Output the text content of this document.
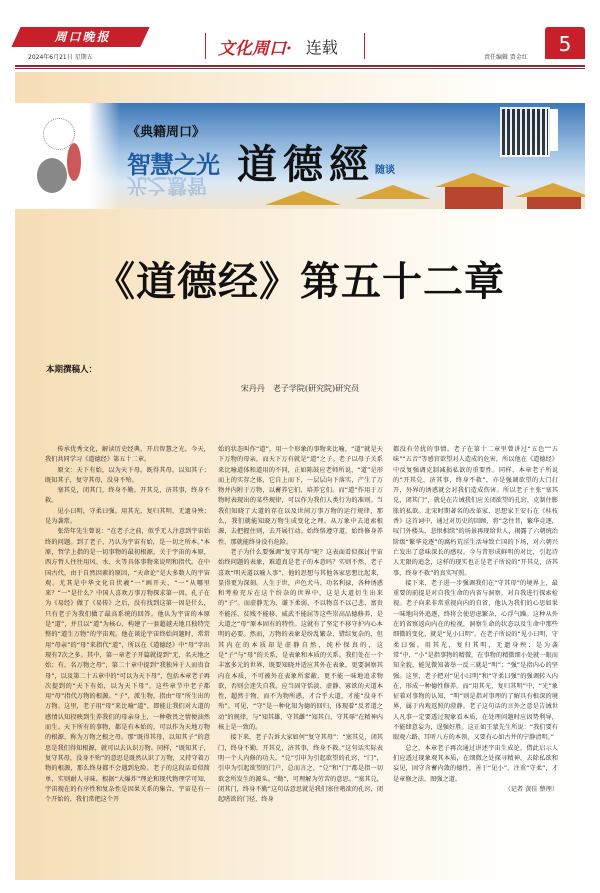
周口晚报
2024年6月21日 星期五	文化周口· 连载
责任编辑 贾金红
5
《典籍周口》
智慧之光
光之慧智 道德經 随谈
《道德经》第五十二章
本期撰稿人：
宋丹丹　老子学院(研究院)研究员

传承优秀文化，解读历史经典，开启智慧之光。今天，我们共同学习《道德经》第五十二章。

原文：天下有始，以为天下母。既得其母，以知其子；既知其子，复守其母，没身不殆。

塞其兑，闭其门，终身不勤。开其兑，济其事，终身不救。

见小曰明，守柔曰强。用其光，复归其明，无遗身殃；是为袭常。

张岱年先生曾说：“在老子之前，似乎无人注意到宇宙始终的问题。到了老子，乃认为宇宙有始，是一切之所本。”本原，哲学上指的是一切事物的最初根源，关于宇宙的本原，西方哲人往往用风、水、火等具体事物来说明和指代。在中国古代，由于自然因素的原因，“天命论”是大多数人的宇宙观。尤其是中华文化自伏羲“一”画开天，“一”从哪里来？“一”是什么？中国人喜欢万事万物探求第一因。孔子在为《易经》做了《易传》之后，没有找到这第一因是什么，只有老子为我们做了最高系统的回答。他认为宇宙的本原是“道”，并且以“道”为核心，构建了一套超越天地且独特完整的“道生万物”的宇宙观。他在谈论宇宙终始问题时，常常用“母亲”的“母”来指代“道”，所以在《道德经》中“母”字出现有7次之多。其中，第一章老子开篇就提到“无，名天地之始；有，名万物之母”，第二十章中提到“我独异于人而贵食母”，以及第二十五章中的“可以为天下母”，包括本章老子再次提到的“天下有始，以为天下母”。这些章节中老子都用“母”指代万物的根源。“子”，派生物，指由“母”所生出的万物。这里，老子用“母”来比喻“道”，即能让我们对大道的感情认知投映到生养我们的母亲身上，一种敬畏之情便油然而生。天下所有的事物，都是有本始的，可以作为天地万物的根源，称为万物之根之母。那“既得其母，以知其子”的意思是我们得知根源，就可以去认识万物。同样，“既知其子，复守其母，没身不殆”的意思是既然认识了万物，又持守着万物的根源，那么终身都不会遇到危险。老子的这段话看似简单，实则耐人寻味。根据“大爆炸”理论和现代物理学可知，宇宙现在的有序性和复杂性是因果关系的集合，宇宙是有一个开始的，我们常把这个开

始的状态叫作“道”，用一个形象的事物来比喻，“道”就是天下万物的母亲，而天下万有就是“道”之子。老子以母子关系来比喻道体和道用的不同，正如陈鼓应老师所说，“道”是形而上的实存之体，它自上而下，一层层向下落实，产生了万物并内附于万物，以蓄养它们、培养它们。而“道”作用于万物时表现出的某些规律，可以作为我们人类行为的准则。当我们知晓了大道的存在以及世间万事万物的运行规律，那么，我们就能知晓万物生成变化之理。从万象中去追索根源，去把握住则，去开展行动。始终恪遵守道，始终修身养性，那就能终身没有危险。

老子为什么要强调“复守其母”呢？这表面看似探讨宇宙始终问题的表象，难道真是老子的本意吗？实则不然，老子喜欢“明天道以喻人事”，他的思想与其他各家思想比起来，显得更为深刻。人生于世，声色犬马、功名利禄，各种诱惑和考验充斥在这个纷杂的世界中，这是大道衍生出来的“子”。而虚静无为、谦下柔弱、不以物喜不以己悲、富贵不能淫、贫贱不能移、威武不能屈等这些崇高品德修养，是大道之“母”原本固有的特性。这就有了坚定不移守护内心本明的必要。然而，万物的表象是纷乱繁杂、错综复杂的，但其内在的本质却是虚静自然、纯朴保真的，这是“子”与“母”的关系，是表象和本质的关系。我们处在一个丰富多元的世界，既要知晓并适应其外在表象，更要洞察其内在本质，不可被外在表象所蒙蔽，更不能一味地追求物欲，否则会迷失自我。应当固守恬淡、虚静、寡欲的天道本性，超然于物，而不为物所惑，才合乎大道，才能“没身不殆”。可见，“守”是一种化知为德的回归，体现着“反者道之动”的规律，与“知其雄，守其雌”“知其白，守其辱”在精神内核上是一致的。

接下来，老子告诉大家如何“复守其母”：“塞其兑，闭其门，终身不勤。开其兑，济其事，终身不救。”这句话实际表明一个人内修的功夫。“兑”引申为引起欲望的孔窍，“门”，引申为引起欲望的门户，总而言之，“兑”和“门”都是指一切欲念所发生的源头。“勤”，可理解为劳苦的意思。“塞其兑，闭其门，终身不勤”这句话意思就是我们塞住嗜欲的孔窍，闭起嗜欲的门径，终身

都没有劳扰的事情。老子在第十二章里曾讲过“五色”“五味”“五音”等感官欲望对人造成的危害，所以他在《道德经》中反复强调克制减损私欲的重要性。同样，本章老子所说的“开其兑，济其事，终身不救”，亦是强调欲望的大门打开，外界的诱惑就会对我们造成伤害。所以老子主张“塞其兑，闭其门”，就是在告诫我们应关闭欲望的孔窍，克制住膨胀的私欲。北宋时期著名的改革家、思想家王安石在《桂枝香》这首词中，通过对历史的回顾，将“念往昔，繁华竞逐，叹门外楼头，悲恨相续”的场景再现给世人，揭露了六朝统治阶级“繁华竞逐”的腐朽荒淫生活导致亡国的下场，对六朝兴亡发出了意味深长的感叹。今与昔形成鲜明的对比，引起诗人无限的追念，这样的现实也正是老子所说的“开其兑，济其事，终身不救”的真实写照。

接下来，老子进一步强调我们在“守其母”的境界上，最重要的前提是对自我生命的内省与洞察，对自我进行探索检视。老子向来非常重视向内的自省，他认为我们的心思如果一味地向外追逐，终将会使思虑繁杂，心浮气躁。这种从外在的省察返向内在的检视，洞察生命的状态以及生命中那些细微的变化，就是“见小曰明”。在老子所说的“见小曰明，守柔曰强。用其光，复归其明，无遗身殃；是为袭常”中，“小”是指事物的精微，在事物的精微细小处就一眼而知全貌，能见微知著举一反三就是“明”；“强”是指内心的坚强。这里，老子把对“见小曰明”和“守柔曰强”的强调转入内在，形成一种德性修养。而“用其光，复归其明”中，“光”象征着对事物的认知，“明”则是指对事理的了解具有根深的境界，属于内观返照的澄静。老子这句话的言外之意是告诫世人凡事一定要透过现象看本质，在处理问题时应因势利导，不能肆意妄为，逞强好胜。这正如王蒙先生所说：“我们要有眼观六路、耳听八方的本领，又要有心如古井的宁静清明。”

总之，本章老子再次通过讲述宇宙生成论，借此启示人们应透过现象观其本质，在细微之处探寻精神，去除私欲和妄见，固守含蓄内敛的德性，善于“见小”，注重“守柔”，才是章修之法、图强之道。

（记者 黄佳 整理）
